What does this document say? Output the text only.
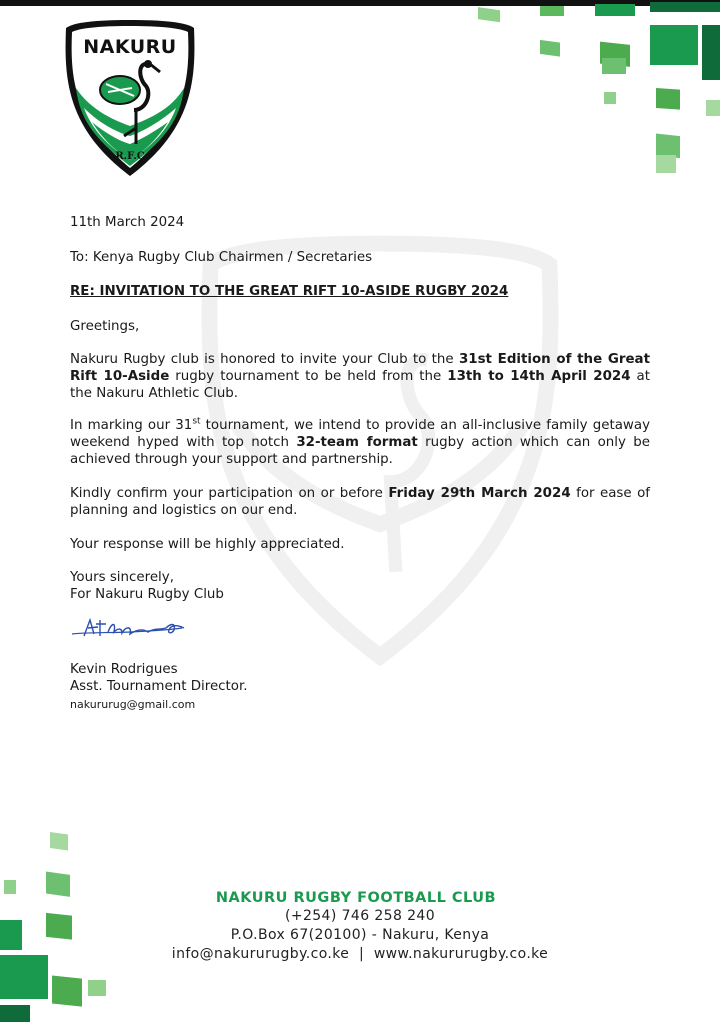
NAKURU
R.F.C

11th March 2024

To: Kenya Rugby Club Chairmen / Secretaries

RE: INVITATION TO THE GREAT RIFT 10-ASIDE RUGBY 2024

Greetings,

Nakuru Rugby club is honored to invite your Club to the 31st Edition of the Great Rift 10-Aside rugby tournament to be held from the 13th to 14th April 2024 at the Nakuru Athletic Club.

In marking our 31st tournament, we intend to provide an all-inclusive family getaway weekend hyped with top notch 32-team format rugby action which can only be achieved through your support and partnership.

Kindly confirm your participation on or before Friday 29th March 2024 for ease of planning and logistics on our end.

Your response will be highly appreciated.

Yours sincerely,

For Nakuru Rugby Club

Kevin Rodrigues

Asst. Tournament Director.

nakururug@gmail.com

NAKURU RUGBY FOOTBALL CLUB
(+254) 746 258 240
P.O.Box 67(20100) - Nakuru, Kenya
info@nakururugby.co.ke  |  www.nakururugby.co.ke
